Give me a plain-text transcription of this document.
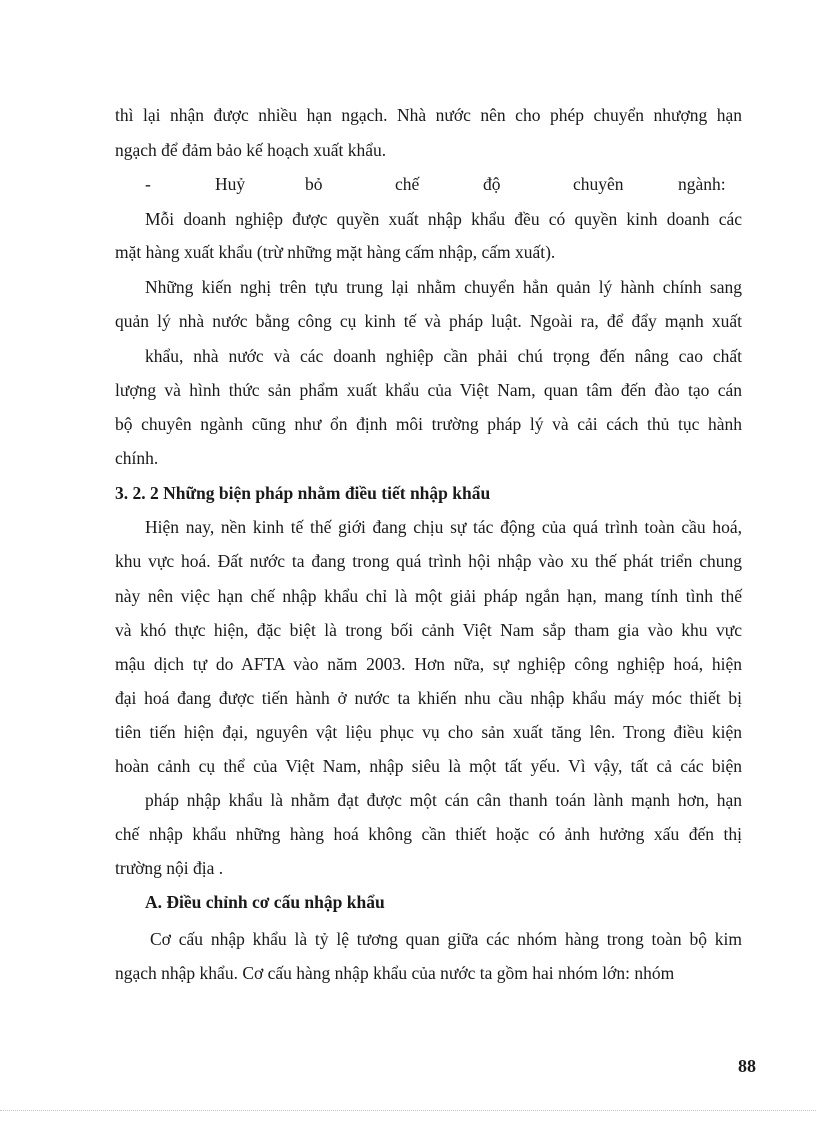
thì lại nhận được nhiều hạn ngạch. Nhà nước nên cho phép chuyển nhượng hạn
ngạch để đảm bảo kế hoạch xuất khẩu.
-	Huỷ	bỏ	chế	độ	chuyên	ngành:
Mỗi doanh nghiệp được quyền xuất nhập khẩu đều có quyền kinh doanh các
mặt hàng xuất khẩu (trừ những mặt hàng cấm nhập, cấm xuất).
Những kiến nghị trên tựu trung lại nhằm chuyển hẳn quản lý hành chính sang
quản lý nhà nước bằng công cụ kinh tế và pháp luật. Ngoài ra, để đẩy mạnh xuất
khẩu, nhà nước và các doanh nghiệp cần phải chú trọng đến nâng cao chất
lượng và hình thức sản phẩm xuất khẩu của Việt Nam, quan tâm đến đào tạo cán
bộ chuyên ngành cũng như ổn định môi trường pháp lý và cải cách thủ tục hành
chính.
3. 2. 2 Những biện pháp nhằm điều tiết nhập khẩu
Hiện nay, nền kinh tế thế giới đang chịu sự tác động của quá trình toàn cầu hoá,
khu vực hoá. Đất nước ta đang trong quá trình hội nhập vào xu thế phát triển chung
này nên việc hạn chế nhập khẩu chỉ là một giải pháp ngắn hạn, mang tính tình thế
và khó thực hiện, đặc biệt là trong bối cảnh Việt Nam sắp tham gia vào khu vực
mậu dịch tự do AFTA vào năm 2003. Hơn nữa, sự nghiệp công nghiệp hoá, hiện
đại hoá đang được tiến hành ở nước ta khiến nhu cầu nhập khẩu máy móc thiết bị
tiên tiến hiện đại, nguyên vật liệu phục vụ cho sản xuất tăng lên. Trong điều kiện
hoàn cảnh cụ thể của Việt Nam, nhập siêu là một tất yếu. Vì vậy, tất cả các biện
pháp nhập khẩu là nhằm đạt được một cán cân thanh toán lành mạnh hơn, hạn
chế nhập khẩu những hàng hoá không cần thiết hoặc có ảnh hưởng xấu đến thị
trường nội địa .
A. Điều chỉnh cơ cấu nhập khẩu
Cơ cấu nhập khẩu là tỷ lệ tương quan giữa các nhóm hàng trong toàn bộ kim
ngạch nhập khẩu. Cơ cấu hàng nhập khẩu của nước ta gồm hai nhóm lớn: nhóm
88
